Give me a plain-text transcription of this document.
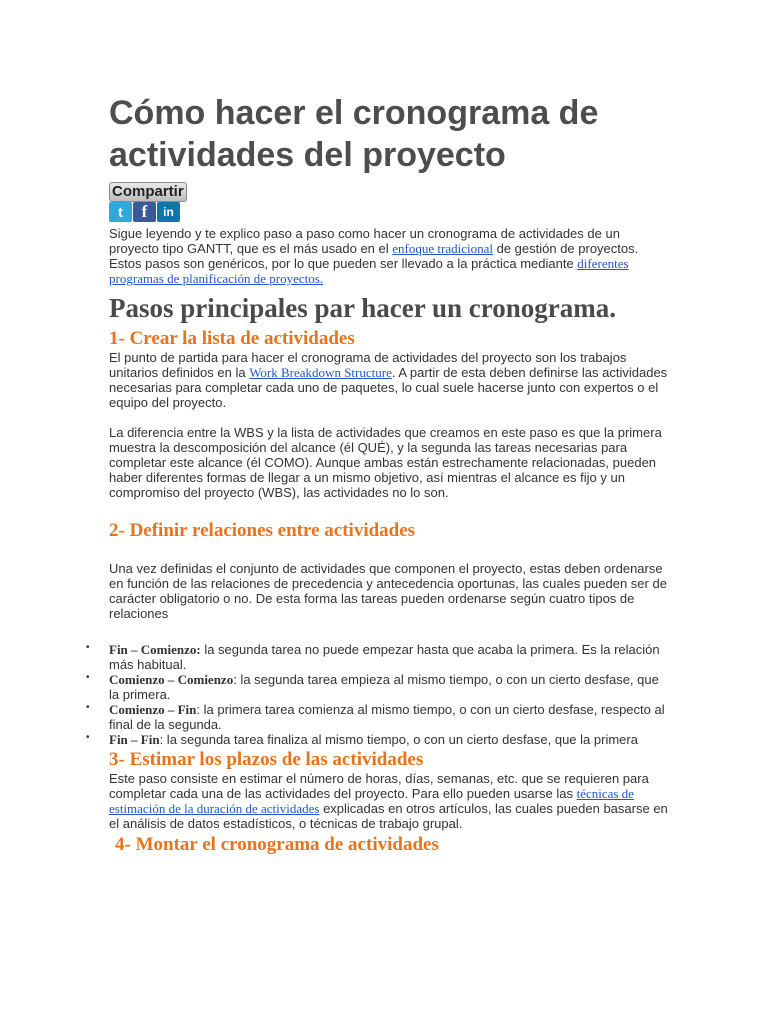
Cómo hacer el cronograma de actividades del proyecto
Compartir
t	f	in

Sigue leyendo y te explico paso a paso como hacer un cronograma de actividades de un proyecto tipo GANTT, que es el más usado en el enfoque tradicional de gestión de proyectos. Estos pasos son genéricos, por lo que pueden ser llevado a la práctica mediante diferentes programas de planificación de proyectos.

Pasos principales par hacer un cronograma.
1- Crear la lista de actividades

El punto de partida para hacer el cronograma de actividades del proyecto son los trabajos unitarios definidos en la Work Breakdown Structure. A partir de esta deben definirse las actividades necesarias para completar cada uno de paquetes, lo cual suele hacerse junto con expertos o el equipo del proyecto.

La diferencia entre la WBS y la lista de actividades que creamos en este paso es que la primera muestra la descomposición del alcance (él QUÉ), y la segunda las tareas necesarias para completar este alcance (él COMO). Aunque ambas están estrechamente relacionadas, pueden haber diferentes formas de llegar a un mismo objetivo, así mientras el alcance es fijo y un compromiso del proyecto (WBS), las actividades no lo son.

2- Definir relaciones entre actividades

Una vez definidas el conjunto de actividades que componen el proyecto, estas deben ordenarse en función de las relaciones de precedencia y antecedencia oportunas, las cuales pueden ser de carácter obligatorio o no. De esta forma las tareas pueden ordenarse según cuatro tipos de relaciones

• Fin – Comienzo: la segunda tarea no puede empezar hasta que acaba la primera. Es la relación más habitual.

• Comienzo – Comienzo: la segunda tarea empieza al mismo tiempo, o con un cierto desfase, que la primera.

• Comienzo – Fin: la primera tarea comienza al mismo tiempo, o con un cierto desfase, respecto al final de la segunda.

• Fin – Fin: la segunda tarea finaliza al mismo tiempo, o con un cierto desfase, que la primera

3- Estimar los plazos de las actividades

Este paso consiste en estimar el número de horas, días, semanas, etc. que se requieren para completar cada una de las actividades del proyecto. Para ello pueden usarse las técnicas de estimación de la duración de actividades explicadas en otros artículos, las cuales pueden basarse en el análisis de datos estadísticos, o técnicas de trabajo grupal.

4- Montar el cronograma de actividades
